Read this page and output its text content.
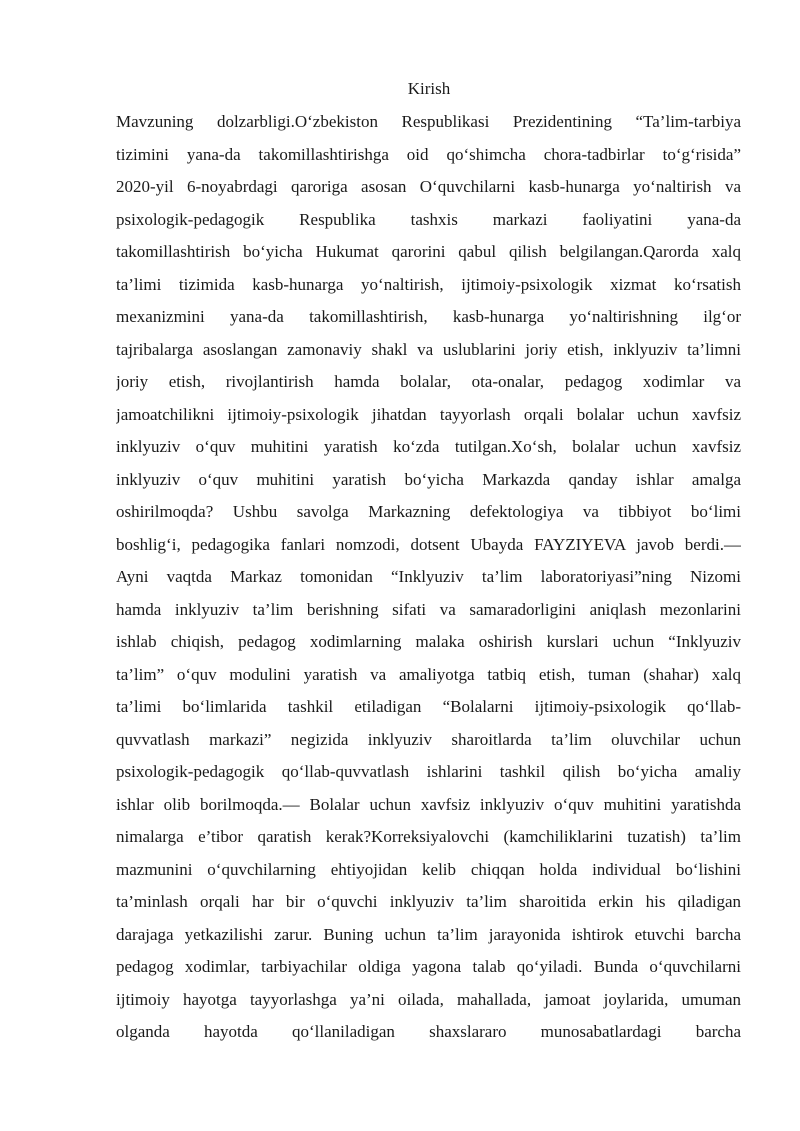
Kirish
Mavzuning dolzarbligi.O‘zbekiston Respublikasi Prezidentining “Ta’lim-tarbiya
tizimini yana-da takomillashtirishga oid qo‘shimcha chora-tadbirlar to‘g‘risida”
2020-yil 6-noyabrdagi qaroriga asosan O‘quvchilarni kasb-hunarga yo‘naltirish va
psixologik-pedagogik Respublika tashxis markazi faoliyatini yana-da
takomillashtirish bo‘yicha Hukumat qarorini qabul qilish belgilangan.Qarorda xalq
ta’limi tizimida kasb-hunarga yo‘naltirish, ijtimoiy-psixologik xizmat ko‘rsatish
mexanizmini yana-da takomillashtirish, kasb-hunarga yo‘naltirishning ilg‘or
tajribalarga asoslangan zamonaviy shakl va uslublarini joriy etish, inklyuziv ta’limni
joriy etish, rivojlantirish hamda bolalar, ota-onalar, pedagog xodimlar va
jamoatchilikni ijtimoiy-psixologik jihatdan tayyorlash orqali bolalar uchun xavfsiz
inklyuziv o‘quv muhitini yaratish ko‘zda tutilgan.Xo‘sh, bolalar uchun xavfsiz
inklyuziv o‘quv muhitini yaratish bo‘yicha Markazda qanday ishlar amalga
oshirilmoqda? Ushbu savolga Markazning defektologiya va tibbiyot bo‘limi
boshlig‘i, pedagogika fanlari nomzodi, dotsent Ubayda FAYZIYEVA javob berdi.—
Ayni vaqtda Markaz tomonidan “Inklyuziv ta’lim laboratoriyasi”ning Nizomi
hamda inklyuziv ta’lim berishning sifati va samaradorligini aniqlash mezonlarini
ishlab chiqish, pedagog xodimlarning malaka oshirish kurslari uchun “Inklyuziv
ta’lim” o‘quv modulini yaratish va amaliyotga tatbiq etish, tuman (shahar) xalq
ta’limi bo‘limlarida tashkil etiladigan “Bolalarni ijtimoiy-psixologik qo‘llab-
quvvatlash markazi” negizida inklyuziv sharoitlarda ta’lim oluvchilar uchun
psixologik-pedagogik qo‘llab-quvvatlash ishlarini tashkil qilish bo‘yicha amaliy
ishlar olib borilmoqda.— Bolalar uchun xavfsiz inklyuziv o‘quv muhitini yaratishda
nimalarga e’tibor qaratish kerak?Korreksiyalovchi (kamchiliklarini tuzatish) ta’lim
mazmunini o‘quvchilarning ehtiyojidan kelib chiqqan holda individual bo‘lishini
ta’minlash orqali har bir o‘quvchi inklyuziv ta’lim sharoitida erkin his qiladigan
darajaga yetkazilishi zarur. Buning uchun ta’lim jarayonida ishtirok etuvchi barcha
pedagog xodimlar, tarbiyachilar oldiga yagona talab qo‘yiladi. Bunda o‘quvchilarni
ijtimoiy hayotga tayyorlashga ya’ni oilada, mahallada, jamoat joylarida, umuman
olganda hayotda qo‘llaniladigan shaxslararo munosabatlardagi barcha
